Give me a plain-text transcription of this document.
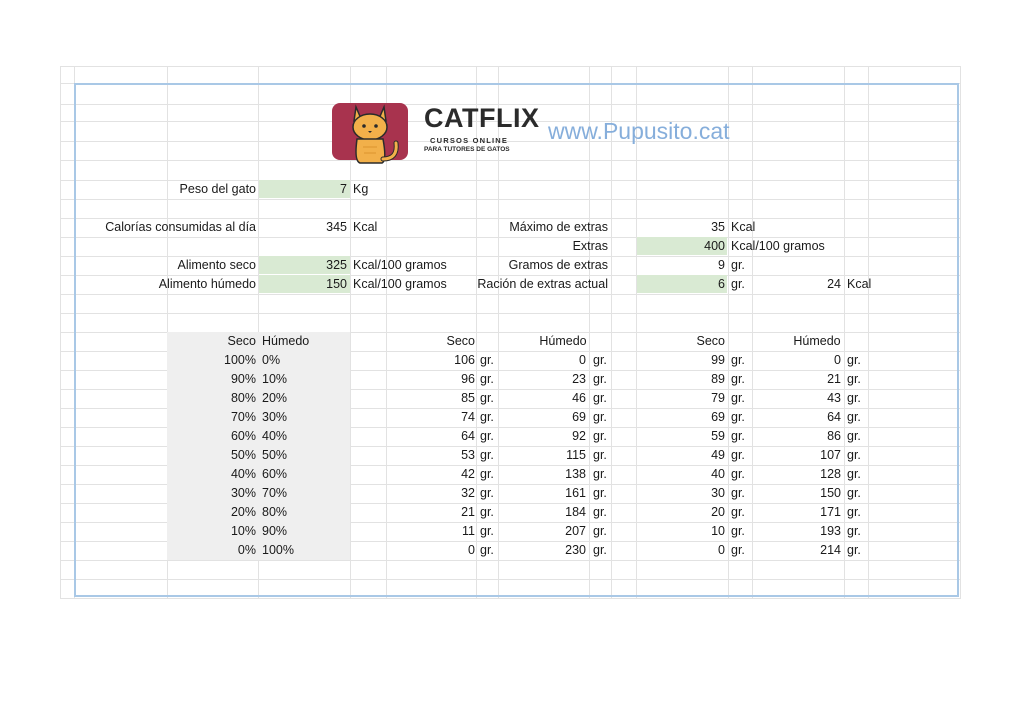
CATFLIX
CURSOS ONLINE
PARA TUTORES DE GATOS
www.Pupusito.cat
Peso del gato	7 Kg
Calorías consumidas al día	345 Kcal
Alimento seco	325 Kcal/100 gramos
Alimento húmedo	150 Kcal/100 gramos
Máximo de extras	35 Kcal
Extras	400 Kcal/100 gramos
Gramos de extras	9 gr.
Ración de extras actual	6 gr.	24 Kcal
Seco Húmedo	Seco	Húmedo	Seco	Húmedo
100% 0%	106 gr.	0 gr.	99 gr.	0 gr.
90% 10%	96 gr.	23 gr.	89 gr.	21 gr.
80% 20%	85 gr.	46 gr.	79 gr.	43 gr.
70% 30%	74 gr.	69 gr.	69 gr.	64 gr.
60% 40%	64 gr.	92 gr.	59 gr.	86 gr.
50% 50%	53 gr.	115 gr.	49 gr.	107 gr.
40% 60%	42 gr.	138 gr.	40 gr.	128 gr.
30% 70%	32 gr.	161 gr.	30 gr.	150 gr.
20% 80%	21 gr.	184 gr.	20 gr.	171 gr.
10% 90%	11 gr.	207 gr.	10 gr.	193 gr.
0% 100%	0 gr.	230 gr.	0 gr.	214 gr.
